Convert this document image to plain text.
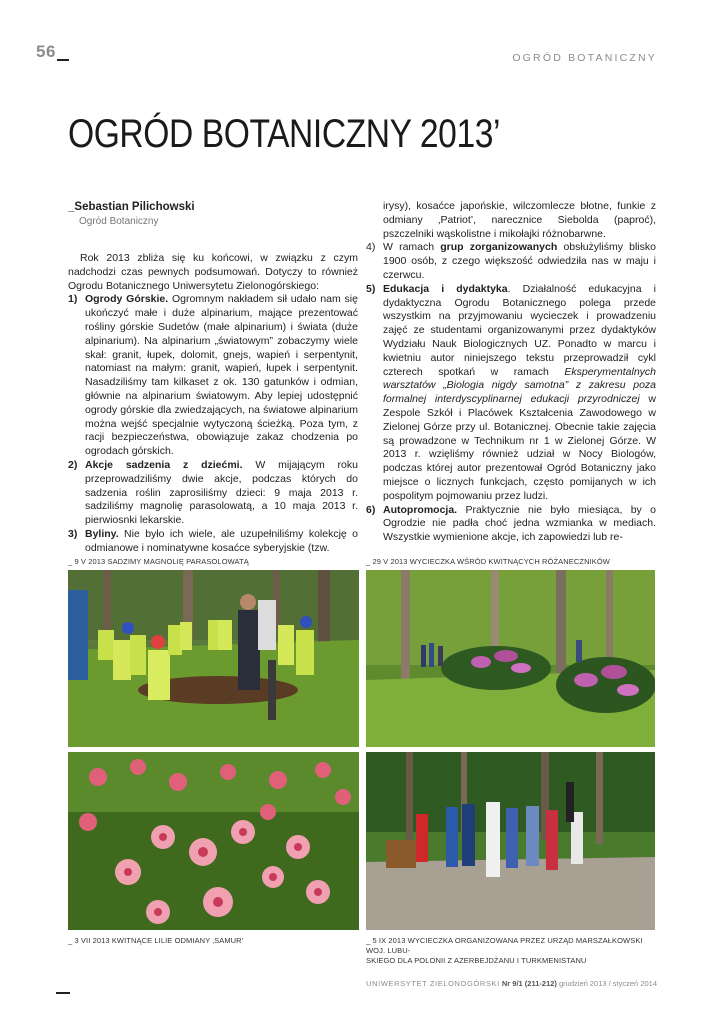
56	OGRÓD BOTANICZNY
OGRÓD BOTANICZNY 2013’
_Sebastian Pilichowski
Ogród Botaniczny

Rok 2013 zbliża się ku końcowi, w związku z czym nadchodzi czas pewnych podsumowań. Dotyczy to również Ogrodu Botanicznego Uniwersytetu Zielonogórskiego:

1) Ogrody Górskie. Ogromnym nakładem sił udało nam się ukończyć małe i duże alpinarium, mające prezentować rośliny górskie Sudetów (małe alpinarium) i świata (duże alpinarium). Na alpinarium „światowym” zobaczymy wiele skał: granit, łupek, dolomit, gnejs, wapień i serpentynit, natomiast na małym: granit, wapień, łupek i serpentynit. Nasadziliśmy tam kilkaset z ok. 130 gatunków i odmian, głównie na alpinarium światowym. Aby lepiej udostępnić ogrody górskie dla zwiedzających, na światowe alpinarium można wejść specjalnie wytyczoną ścieżką. Poza tym, z racji bezpieczeństwa, obowiązuje zakaz chodzenia po ogrodach górskich.
2) Akcje sadzenia z dziećmi. W mijającym roku przeprowadziliśmy dwie akcje, podczas których do sadzenia roślin zaprosiliśmy dzieci: 9 maja 2013 r. sadziliśmy magnolię parasolowatą, a 10 maja 2013 r. pierwiosnki lekarskie.
3) Byliny. Nie było ich wiele, ale uzupełniliśmy kolekcję o odmianowe i nominatywne kosaćce syberyjskie (tzw.
irysy), kosaćce japońskie, wilczomlecze błotne, funkie z odmiany ‚Patriot’, narecznice Siebolda (paproć), pszczelniki wąskolistne i mikołajki różnobarwne.
4) W ramach grup zorganizowanych obsłużyliśmy blisko 1900 osób, z czego większość odwiedziła nas w maju i czerwcu.
5) Edukacja i dydaktyka. Działalność edukacyjna i dydaktyczna Ogrodu Botanicznego polega przede wszystkim na przyjmowaniu wycieczek i prowadzeniu zajęć ze studentami organizowanymi przez dydaktyków Wydziału Nauk Biologicznych UZ. Ponadto w marcu i kwietniu autor niniejszego tekstu przeprowadził cykl czterech spotkań w ramach Eksperymentalnych warsztatów „Biologia nigdy samotna” z zakresu poza formalnej interdyscyplinarnej edukacji przyrodniczej w Zespole Szkół i Placówek Kształcenia Zawodowego w Zielonej Górze przy ul. Botanicznej. Obecnie takie zajęcia są prowadzone w Technikum nr 1 w Zielonej Górze. W 2013 r. wzięliśmy również udział w Nocy Biologów, podczas której autor prezentował Ogród Botaniczny jako miejsce o licznych funkcjach, często pomijanych w ich pospolitym pojmowaniu przez ludzi.
6) Autopromocja. Praktycznie nie było miesiąca, by o Ogrodzie nie padła choć jedna wzmianka w mediach. Wszystkie wymienione akcje, ich zapowiedzi lub re-
_ 9 V 2013 SADZIMY MAGNOLIĘ PARASOLOWATĄ	_ 29 V 2013 WYCIECZKA WŚRÓD KWITNĄCYCH RÓŻANECZNIKÓW
_ 3 VII 2013 KWITNĄCE LILIE ODMIANY ‚SAMUR’	_ 5 IX 2013 WYCIECZKA ORGANIZOWANA PRZEZ URZĄD MARSZAŁKOWSKI WOJ. LUBU-
SKIEGO DLA POLONII Z AZERBEJDŻANU I TURKMENISTANU
UNIWERSYTET ZIELONOGÓRSKI Nr 9/1 (211-212) grudzień 2013 / styczeń 2014
